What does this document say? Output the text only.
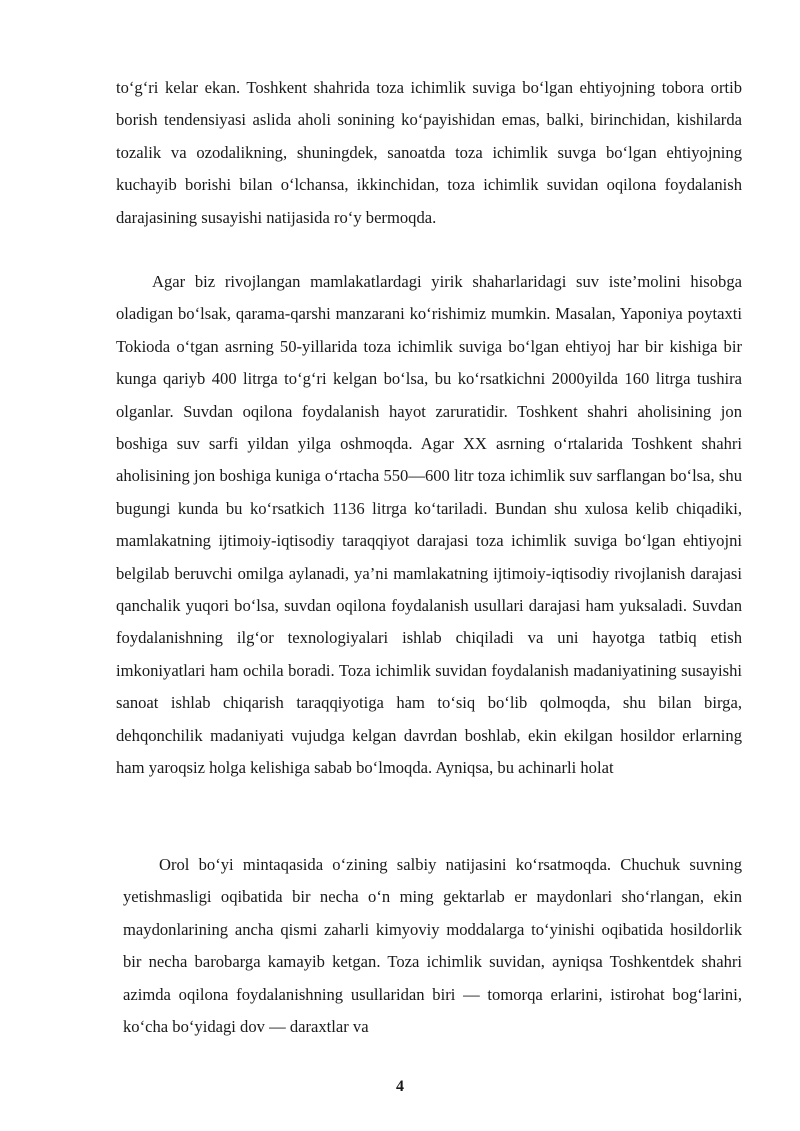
to‘g‘ri kelar ekan. Toshkent shahrida toza ichimlik suviga bo‘lgan ehtiyojning tobora ortib borish tendensiyasi aslida aholi sonining ko‘payishidan emas, balki, birinchidan, kishilarda tozalik va ozodalikning, shuningdek, sanoatda toza ichimlik suvga bo‘lgan ehtiyojning kuchayib borishi bilan o‘lchansa, ikkinchidan, toza ichimlik suvidan oqilona foydalanish darajasining susayishi natijasida ro‘y bermoqda.

Agar biz rivojlangan mamlakatlardagi yirik shaharlaridagi suv iste’molini hisobga oladigan bo‘lsak, qarama-qarshi manzarani ko‘rishimiz mumkin. Masalan, Yaponiya poytaxti Tokioda o‘tgan asrning 50-yillarida toza ichimlik suviga bo‘lgan ehtiyoj har bir kishiga bir kunga qariyb 400 litrga to‘g‘ri kelgan bo‘lsa, bu ko‘rsatkichni 2000yilda 160 litrga tushira olganlar. Suvdan oqilona foydalanish hayot zaruratidir. Toshkent shahri aholisining jon boshiga suv sarfi yildan yilga oshmoqda. Agar XX asrning o‘rtalarida Toshkent shahri aholisining jon boshiga kuniga o‘rtacha 550—600 litr toza ichimlik suv sarflangan bo‘lsa, shu bugungi kunda bu ko‘rsatkich 1136 litrga ko‘tariladi. Bundan shu xulosa kelib chiqadiki, mamlakatning ijtimoiy-iqtisodiy taraqqiyot darajasi toza ichimlik suviga bo‘lgan ehtiyojni belgilab beruvchi omilga aylanadi, ya’ni mamlakatning ijtimoiy-iqtisodiy rivojlanish darajasi qanchalik yuqori bo‘lsa, suvdan oqilona foydalanish usullari darajasi ham yuksaladi. Suvdan foydalanishning ilg‘or texnologiyalari ishlab chiqiladi va uni hayotga tatbiq etish imkoniyatlari ham ochila boradi. Toza ichimlik suvidan foydalanish madaniyatining susayishi sanoat ishlab chiqarish taraqqiyotiga ham to‘siq bo‘lib qolmoqda, shu bilan birga, dehqonchilik madaniyati vujudga kelgan davrdan boshlab, ekin ekilgan hosildor erlarning ham yaroqsiz holga kelishiga sabab bo‘lmoqda. Ayniqsa, bu achinarli holat

Orol bo‘yi mintaqasida o‘zining salbiy natijasini ko‘rsatmoqda. Chuchuk suvning yetishmasligi oqibatida bir necha o‘n ming gektarlab er maydonlari sho‘rlangan, ekin maydonlarining ancha qismi zaharli kimyoviy moddalarga to‘yinishi oqibatida hosildorlik bir necha barobarga kamayib ketgan. Toza ichimlik suvidan, ayniqsa Toshkentdek shahri azimda oqilona foydalanishning usullaridan biri — tomorqa erlarini, istirohat bog‘larini, ko‘cha bo‘yidagi dov — daraxtlar va

4
